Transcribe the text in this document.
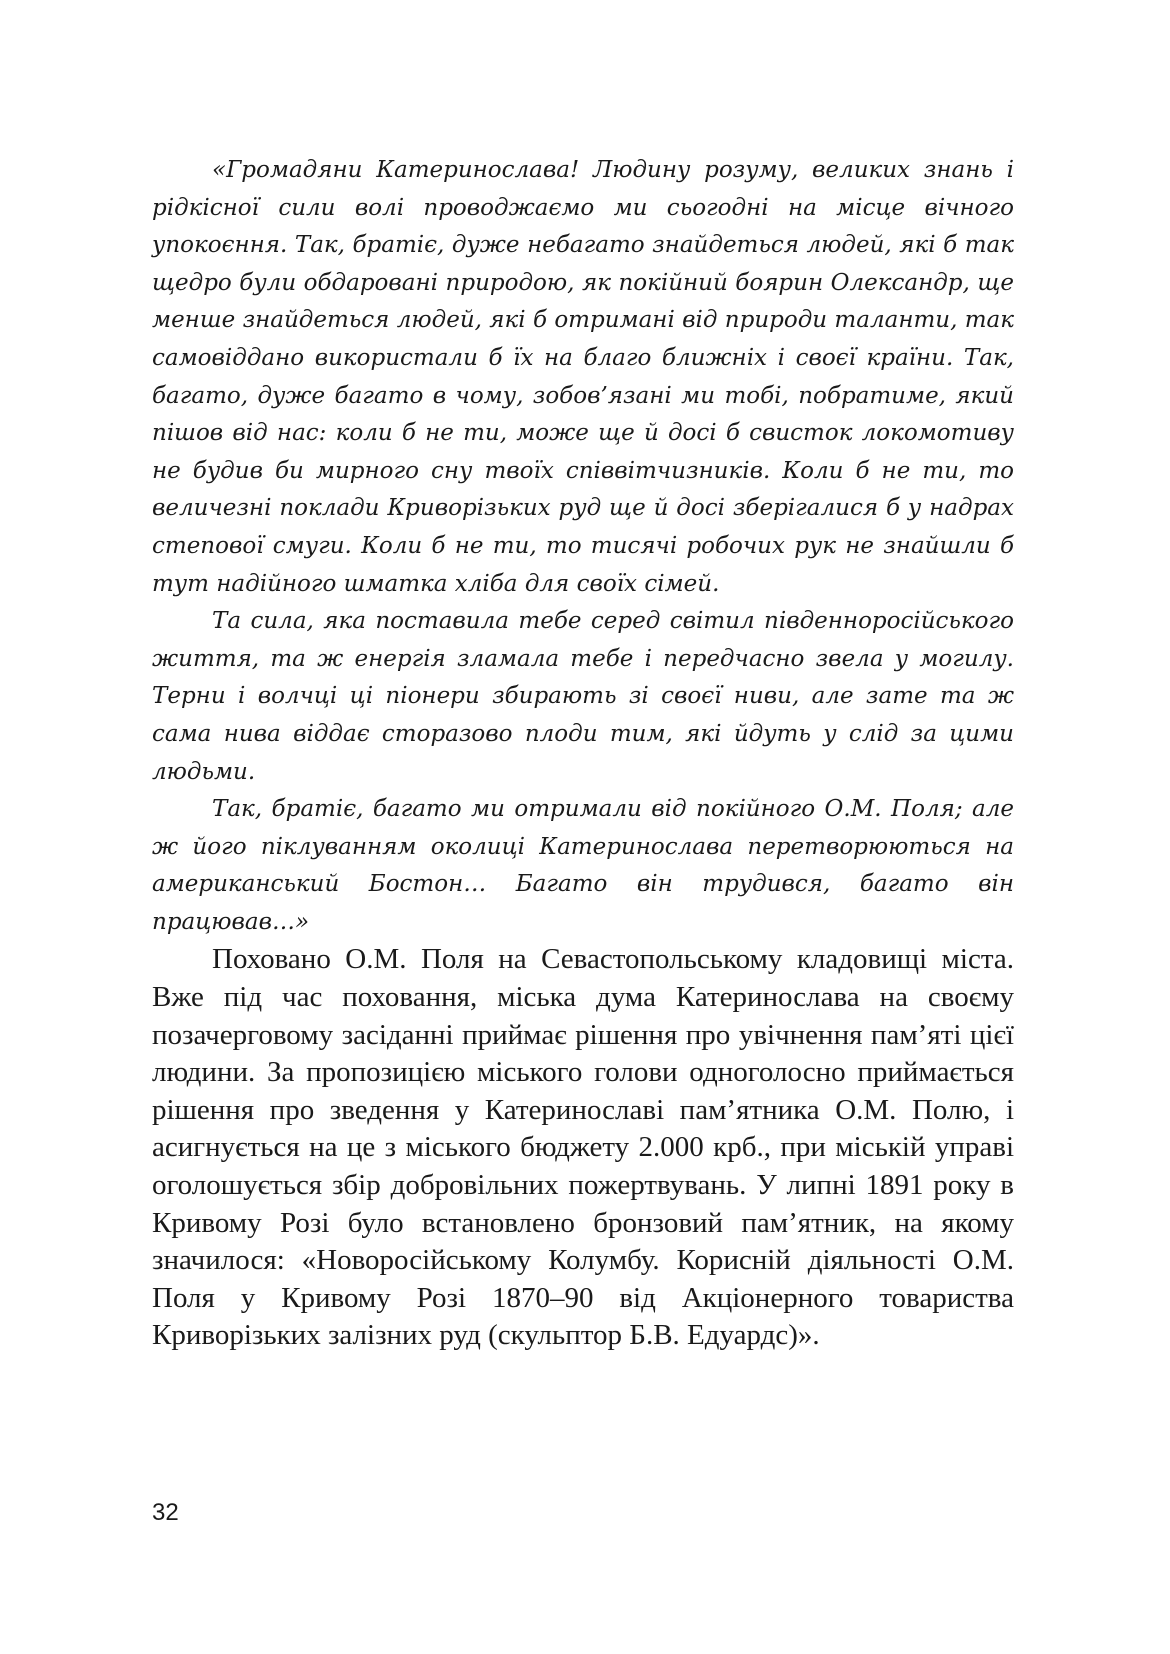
«Громадяни Катеринослава! Людину розуму, великих знань і рідкісної сили волі проводжаємо ми сьогодні на місце вічного упокоєння. Так, братіє, дуже небагато знайдеться людей, які б так щедро були обдаровані природою, як покійний боярин Олександр, ще менше знайдеться людей, які б отримані від природи таланти, так самовіддано використали б їх на благо ближніх і своєї країни. Так, багато, дуже багато в чому, зобов’язані ми тобі, побратиме, який пішов від нас: коли б не ти, може ще й досі б свисток локомотиву не будив би мирного сну твоїх співвітчизників. Коли б не ти, то величезні поклади Криворізьких руд ще й досі зберігалися б у надрах степової смуги. Коли б не ти, то тисячі робочих рук не знайшли б тут надійного шматка хліба для своїх сімей.

Та сила, яка поставила тебе серед світил південноросійського життя, та ж енергія зламала тебе і передчасно звела у могилу. Терни і волчці ці піонери збирають зі своєї ниви, але зате та ж сама нива віддає сторазово плоди тим, які йдуть у слід за цими людьми.

Так, братіє, багато ми отримали від покійного О.М. Поля; але ж його піклуванням околиці Катеринослава перетворюються на американський Бостон… Багато він трудився, багато він працював…»

Поховано О.М. Поля на Севастопольському кладовищі міста. Вже під час поховання, міська дума Катеринослава на своєму позачерговому засіданні приймає рішення про увічнення пам’яті цієї людини. За пропозицією міського голови одноголосно приймається рішення про зведення у Катеринославі пам’ятника О.М. Полю, і асигнується на це з міського бюджету 2.000 крб., при міській управі оголошується збір добровільних пожертвувань. У липні 1891 року в Кривому Розі було встановлено бронзовий пам’ятник, на якому значилося: «Новоросійському Колумбу. Корисній діяльності О.М. Поля у Кривому Розі 1870–90 від Акціонерного товариства Криворізьких залізних руд (скульптор Б.В. Едуардс)».

32
